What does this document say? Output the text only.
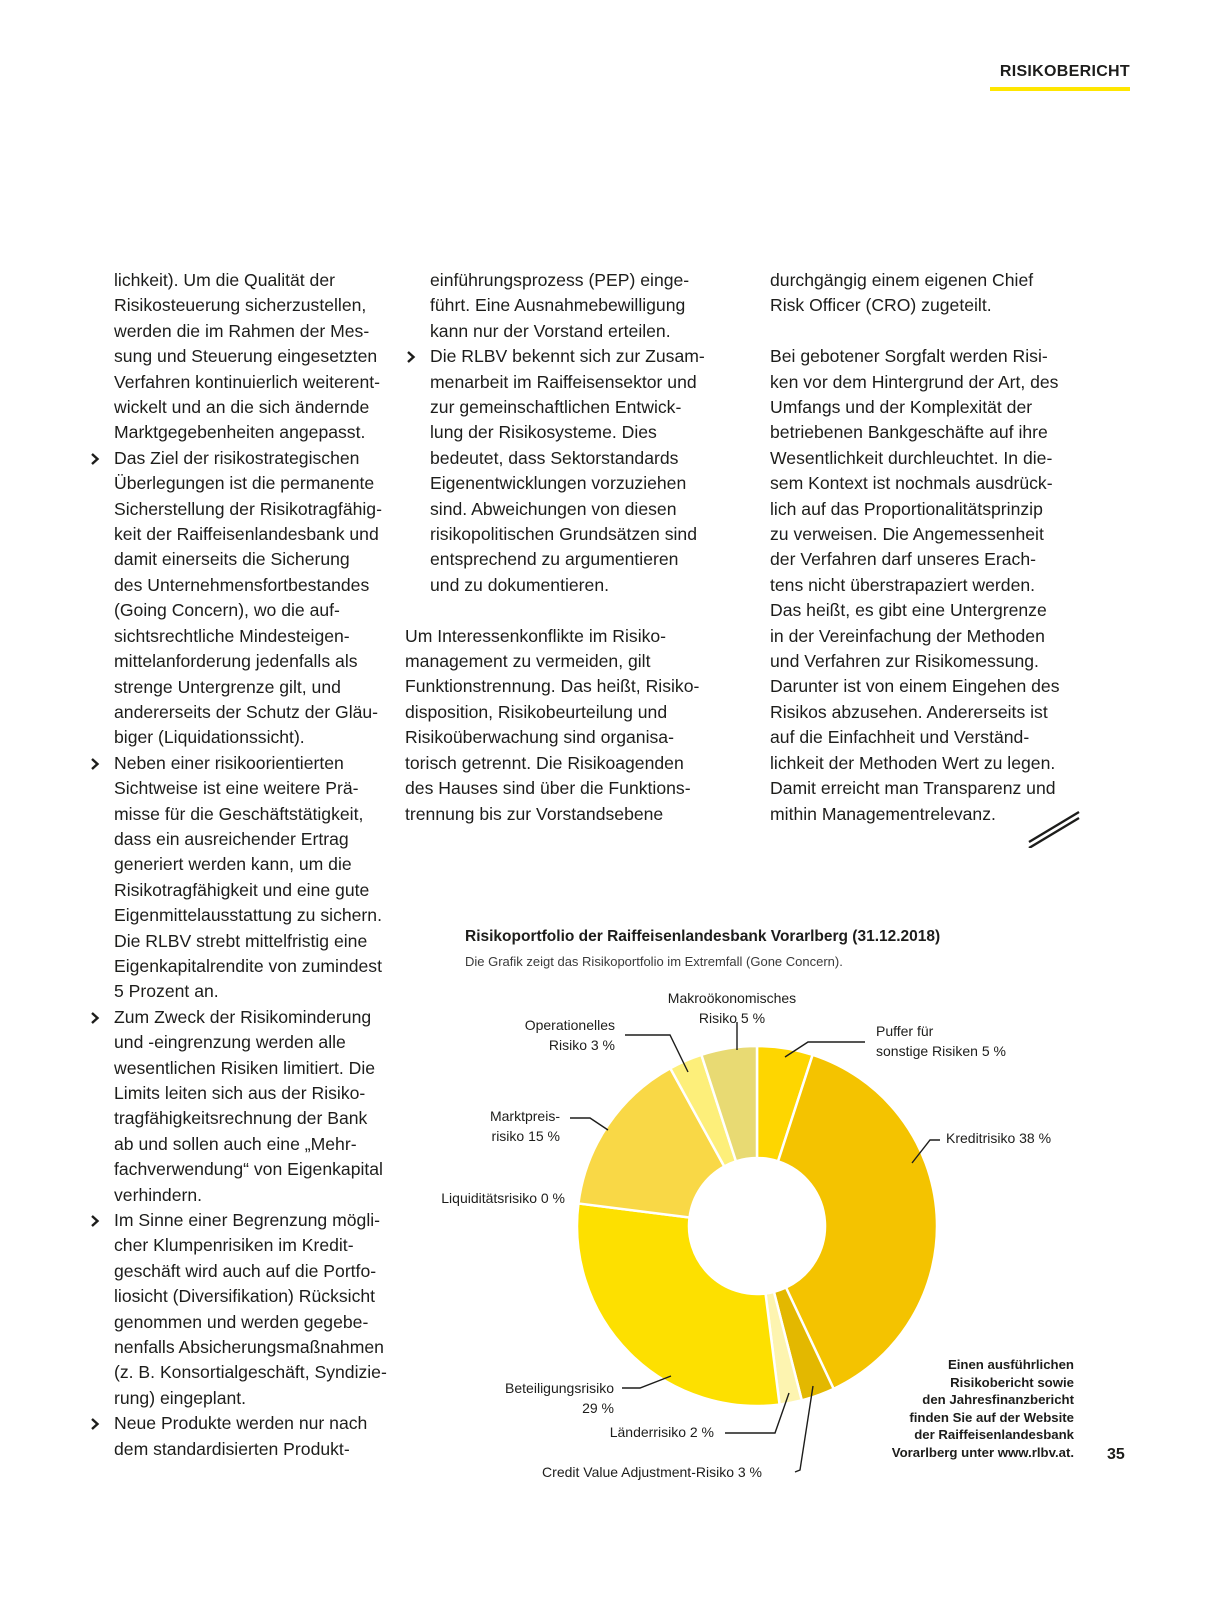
RISIKOBERICHT

lichkeit). Um die Qualität der
Risikosteuerung sicherzustellen,
werden die im Rahmen der Mes-
sung und Steuerung eingesetzten
Verfahren kontinuierlich weiterent-
wickelt und an die sich ändernde
Marktgegebenheiten angepasst.

Das Ziel der risikostrategischen
Überlegungen ist die permanente
Sicherstellung der Risikotragfähig-
keit der Raiffeisenlandesbank und
damit einerseits die Sicherung
des Unternehmensfortbestandes
(Going Concern), wo die auf-
sichtsrechtliche Mindesteigen-
mittelanforderung jedenfalls als
strenge Untergrenze gilt, und
andererseits der Schutz der Gläu-
biger (Liquidationssicht).
Neben einer risikoorientierten
Sichtweise ist eine weitere Prä-
misse für die Geschäftstätigkeit,
dass ein ausreichender Ertrag
generiert werden kann, um die
Risikotragfähigkeit und eine gute
Eigenmittelausstattung zu sichern.
Die RLBV strebt mittelfristig eine
Eigenkapitalrendite von zumindest
5 Prozent an.
Zum Zweck der Risikominderung
und -eingrenzung werden alle
wesentlichen Risiken limitiert. Die
Limits leiten sich aus der Risiko-
tragfähigkeitsrechnung der Bank
ab und sollen auch eine „Mehr-
fachverwendung“ von Eigenkapital
verhindern.
Im Sinne einer Begrenzung mögli-
cher Klumpenrisiken im Kredit-
geschäft wird auch auf die Portfo-
liosicht (Diversifikation) Rücksicht
genommen und werden gegebe-
nenfalls Absicherungsmaßnahmen
(z. B. Konsortialgeschäft, Syndizie-
rung) eingeplant.
Neue Produkte werden nur nach
dem standardisierten Produkt-

einführungsprozess (PEP) einge-
führt. Eine Ausnahmebewilligung
kann nur der Vorstand erteilen.

Die RLBV bekennt sich zur Zusam-
menarbeit im Raiffeisensektor und
zur gemeinschaftlichen Entwick-
lung der Risikosysteme. Dies
bedeutet, dass Sektorstandards
Eigenentwicklungen vorzuziehen
sind. Abweichungen von diesen
risikopolitischen Grundsätzen sind
entsprechend zu argumentieren
und zu dokumentieren.

Um Interessenkonflikte im Risiko-
management zu vermeiden, gilt
Funktionstrennung. Das heißt, Risiko-
disposition, Risikobeurteilung und
Risikoüberwachung sind organisa-
torisch getrennt. Die Risikoagenden
des Hauses sind über die Funktions-
trennung bis zur Vorstandsebene

durchgängig einem eigenen Chief
Risk Officer (CRO) zugeteilt.

Bei gebotener Sorgfalt werden Risi-
ken vor dem Hintergrund der Art, des
Umfangs und der Komplexität der
betriebenen Bankgeschäfte auf ihre
Wesentlichkeit durchleuchtet. In die-
sem Kontext ist nochmals ausdrück-
lich auf das Proportionalitätsprinzip
zu verweisen. Die Angemessenheit
der Verfahren darf unseres Erach-
tens nicht überstrapaziert werden.
Das heißt, es gibt eine Untergrenze
in der Vereinfachung der Methoden
und Verfahren zur Risikomessung.
Darunter ist von einem Eingehen des
Risikos abzusehen. Andererseits ist
auf die Einfachheit und Verständ-
lichkeit der Methoden Wert zu legen.
Damit erreicht man Transparenz und
mithin Managementrelevanz.

Risikoportfolio der Raiffeisenlandesbank Vorarlberg (31.12.2018)
Die Grafik zeigt das Risikoportfolio im Extremfall (Gone Concern).
Puffer für sonstige Risiken 5 %
Kreditrisiko 38 %
Credit Value Adjustment-Risiko 3 %
Länderrisiko 2 %
Beteiligungsrisiko 29 %
Liquiditätsrisiko 0 %
Marktpreis-risiko 15 %
Operationelles Risiko 3 %
Makroökonomisches Risiko 5 %
Einen ausführlichen
Risikobericht sowie
den Jahresfinanzbericht
finden Sie auf der Website
der Raiffeisenlandesbank
Vorarlberg unter www.rlbv.at. 35
